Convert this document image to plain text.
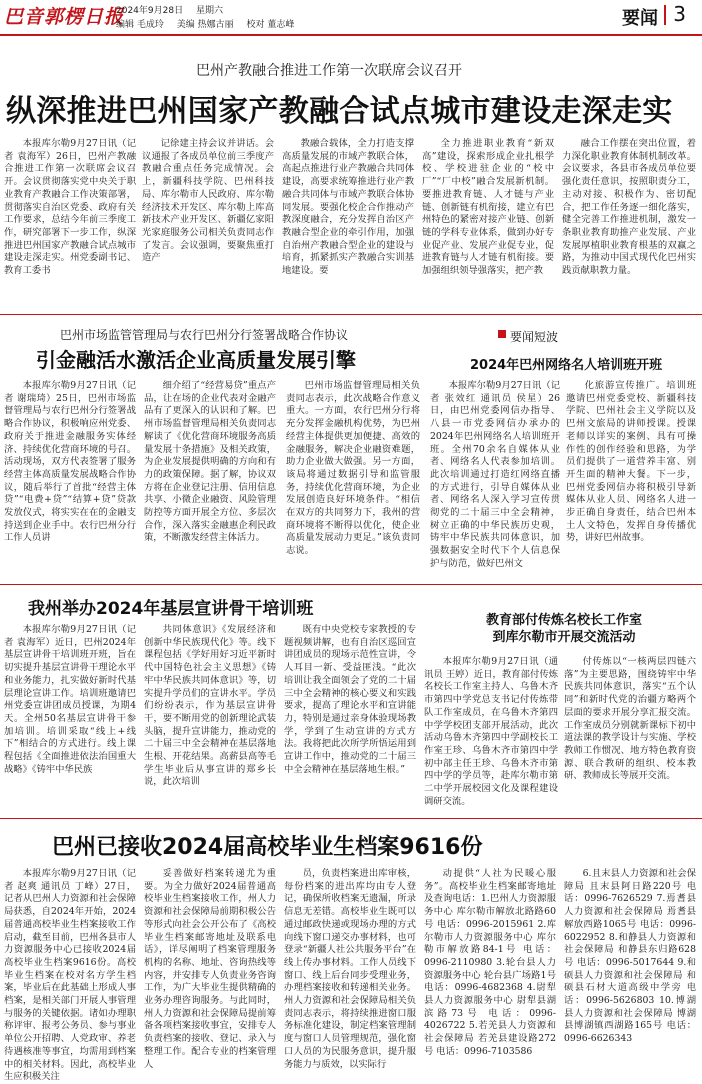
巴音郭楞日报
2024年9月28日 星期六
编辑 毛成玲 美编 热娜古丽 校对 董志峰	要闻 3
巴州产教融合推进工作第一次联席会议召开
纵深推进巴州国家产教融合试点城市建设走深走实
本报库尔勒9月27日讯（记者 袁海军）26日，巴州产教融合推进工作第一次联席会议召开。会议贯彻落实党中央关于职业教育产教融合工作决策部署，贯彻落实自治区党委、政府有关工作要求，总结今年前三季度工作，研究部署下一步工作，纵深推进巴州国家产教融合试点城市建设走深走实。州党委副书记、教育工委书
记徐建主持会议并讲话。会议通报了各成员单位前三季度产教融合重点任务完成情况。会上，新疆科技学院、巴州科技局、库尔勒市人民政府、库尔勒经济技术开发区、库尔勒上库高新技术产业开发区、新疆亿家阳光家庭服务公司相关负责同志作了发言。会议强调，要聚焦重打造产
教融合载体，全力打造支撑高质量发展的市域产教联合体，高起点推进行业产教融合共同体建设，高要求统筹推进行业产教融合共同体与市域产教联合体协同发展。要强化校企合作推动产教深度融合，充分发挥自治区产教融合型企业的牵引作用，加强自治州产教融合型企业的建设与培育，抓紧抓实产教融合实训基地建设。要
全力推进职业教育“新双高”建设，探索形成企业扎根学校、学校进驻企业的“校中厂”“厂中校”融合发展新机制。要推进教育链、人才链与产业链、创新链有机衔接，建立有巴州特色的紧密对接产业链、创新链的学科专业体系，做到办好专业促产业、发展产业促专业，促进教育链与人才链有机衔接。要加强组织领导强落实，把产教
融合工作摆在突出位置，着力深化职业教育体制机制改革。会议要求，各县市各成员单位要强化责任意识，按照职责分工，主动对接、积极作为、密切配合，把工作任务逐一细化落实，健全完善工作推进机制，激发一条职业教育助推产业发展、产业发展厚植职业教育根基的双赢之路，为推动中国式现代化巴州实践贡献职教力量。
巴州市场监管管理局与农行巴州分行签署战略合作协议
引金融活水激活企业高质量发展引擎
本报库尔勒9月27日讯（记者 谢瑞琦）25日，巴州市场监督管理局与农行巴州分行签署战略合作协议，积极响应州党委、政府关于推进金融服务实体经济、持续优化营商环境的号召。活动现场，双方代表签署了服务经营主体高质量发展战略合作协议，随后举行了首批“经营主体贷”“电费+贷”“结算+贷”贷款发放仪式，将实实在在的金融支持送到企业手中。农行巴州分行工作人员讲
细介绍了“经营易贷”重点产品，让在场的企业代表对金融产品有了更深入的认识和了解。巴州市场监督管理局相关负责同志解读了《优化营商环境服务高质量发展十条措施》及相关政策，为企业发展提供明确的方向和有力的政策保障。据了解，协议双方将在企业登记注册、信用信息共享、小微企业融资、风险管理防控等方面开展全方位、多层次合作，深入落实金融惠企利民政策，不断激发经营主体活力。
巴州市场监督管理局相关负责同志表示，此次战略合作意义重大。一方面，农行巴州分行将充分发挥金融机构优势，为巴州经营主体提供更加便捷、高效的金融服务，解决企业融资难题，助力企业做大做强。另一方面，该局将通过数据引导和监管服务，持续优化营商环境，为企业发展创造良好环境条件。“相信在双方的共同努力下，我州的营商环境将不断得以优化，使企业高质量发展动力更足。”该负责同志说。
要闻短波
2024年巴州网络名人培训班开班
本报库尔勒9月27日讯（记者 张效红 通讯员 侯星）26日，由巴州党委网信办指导、八县一市党委网信办承办的2024年巴州网络名人培训班开班。全州70余名自媒体从业者、网络名人代表参加培训。此次培训通过打造红网络直播的方式进行，引导自媒体从业者、网络名人深入学习宣传贯彻党的二十届三中全会精神，树立正确的中华民族历史观，铸牢中华民族共同体意识，加强数据安全时代下个人信息保护与防范，做好巴州文
化旅游宣传推广。培训班邀请巴州党委党校、新疆科技学院、巴州社会主义学院以及巴州文旅局的讲师授课。授课老师以详实的案例、具有可操作性的创作经验和思路，为学员们提供了一道营养丰富、别开生面的精神大餐。下一步，巴州党委网信办将积极引导新媒体从业人员、网络名人进一步正确自身责任，结合巴州本土人文特色，发挥自身传播优势，讲好巴州故事。
我州举办2024年基层宣讲骨干培训班
本报库尔勒9月27日讯（记者 袁海军）近日，巴州2024年基层宣讲骨干培训班开班，旨在切实提升基层宣讲骨干理论水平和业务能力，扎实做好新时代基层理论宣讲工作。培训班邀请巴州党委宣讲团成员授课，为期4天。全州50名基层宣讲骨干参加培训。培训采取“线上+线下”相结合的方式进行。线上课程包括《全面推进依法治国重大战略》《铸牢中华民族
共同体意识》《发展经济和创新中华民族现代化》等。线下课程包括《学好用好习近平新时代中国特色社会主义思想》《铸牢中华民族共同体意识》等，切实提升学员们的宣讲水平。学员们纷纷表示，作为基层宣讲骨干，要不断用党的创新理论武装头脑，提升宣讲能力，推动党的二十届三中全会精神在基层落地生根、开花结果。高薪县高等毛学生毕业后从事宣讲的郑乡长说，此次培训
既有中央党校专家教授的专题视频讲解，也有自治区巡回宣讲团成员的现场示范性宣讲，令人耳目一新、受益匪浅。“此次培训让我全面领会了党的二十届三中全会精神的核心要义和实践要求，提高了理论水平和宣讲能力，特别是通过亲身体验现场教学，学到了生动宣讲的方式方法。我将把此次所学所悟运用到宣讲工作中，推动党的二十届三中全会精神在基层落地生根。”
教育部付传炼名校长工作室
到库尔勒市开展交流活动
本报库尔勒9月27日讯（通讯员 王婷）近日，教育部付传炼名校长工作室主持人、乌鲁木齐市第四中学党总支书记付传炼带队工作室成员，在乌鲁木齐第四中学学校团支部开展活动，此次活动乌鲁木齐第四中学副校长工作室王珍、乌鲁木齐市第四中学初中部主任王珍、乌鲁木齐市第四中学的学员等，赴库尔勒市第二中学开展校园文化及课程建设调研交流。
付传炼以“一核两层四链六落”为主要思路，围绕铸牢中华民族共同体意识，落实“五个认同”和新时代党的治疆方略两个层面的要求开展分享汇报交流。工作室成员分别就新课标下初中道法课的教学设计与实施、学校教师工作惯况、地方特色教育资源、联合教研的组织、校本教研、教师成长等展开交流。
巴州已接收2024届高校毕业生档案9616份
本报库尔勒9月27日讯（记者 赵爽 通讯员 丁峰）27日，记者从巴州人力资源和社会保障局获悉，自2024年开始，2024届普通高校毕业生档案接收工作启动，截至目前，巴州各县市人力资源服务中心已接收2024届高校毕业生档案9616份。高校毕业生档案在校对名方学生档案，毕业后在此基础上形成人事档案，是相关部门开展人事管理与服务的关键依据。诸如办理职称评审、报考公务员、参与事业单位公开招聘、人党政审、养老待遇核准等事宜，均需用到档案中的相关材料。因此，高校毕业生应积极关注
妥善做好档案转递尤为重要。为全力做好2024届普通高校毕业生档案接收工作，州人力资源和社会保障局前期积极公告等形式向社会公开公布了《高校毕业生档案邮寄地址及联系电话》，详尽阐明了档案管理服务机构的名称、地址、咨询热线等内容，并安排专人负责业务咨询工作，为广大毕业生提供精确的业务办理咨询服务。与此同时，州人力资源和社会保障局提前筹备各项档案接收事宜，安排专人负责档案的接收、登记、录入与整理工作。配合专业的档案管理人
员，负责档案进出库审核，每份档案的进出库均由专人登记，确保所收档案无遗漏，所录信息无差错。高校毕业生既可以通过邮政快递或现场办理的方式向线下窗口递交办事材料，也可登录“新疆人社公共服务平台”在线上传办事材料。工作人员线下窗口、线上后台同步受理业务，办理档案接收和转递相关业务。州人力资源和社会保障局相关负责同志表示，将持续推进窗口服务标准化建设，制定档案管理制度与窗口人员管理规范，强化窗口人员的为民服务意识，提升服务能力与质效，以实际行
动提供“人社为民暖心服务”。高校毕业生档案邮寄地址及查询电话：1.巴州人力资源服务中心 库尔勒市解放北路路60号 电话：0996-2015961 2.库尔勒市人力资源服务中心 库尔勒市解放路84-1号 电话：0996-2110980 3.轮台县人力资源服务中心 轮台县广场路1号 电话：0996-4682368 4.尉犁县人力资源服务中心 尉犁县湖滨路73号 电话：0996-4026722 5.若羌县人力资源和社会保障局 若羌县建设路272号 电话：0996-7103586
6.且末县人力资源和社会保障局 且末县阿日路220号 电话：0996-7626529 7.焉耆县人力资源和社会保障局 焉耆县解放西路1065号 电话：0996-6022952 8.和静县人力资源和社会保障局 和静县东归路628号 电话：0996-5017644 9.和硕县人力资源和社会保障局 和硕县石材大道高级中学旁 电话：0996-5626803 10.博湖县人力资源和社会保障局 博湖县博湖镇西湖路165号 电话：0996-6626343
